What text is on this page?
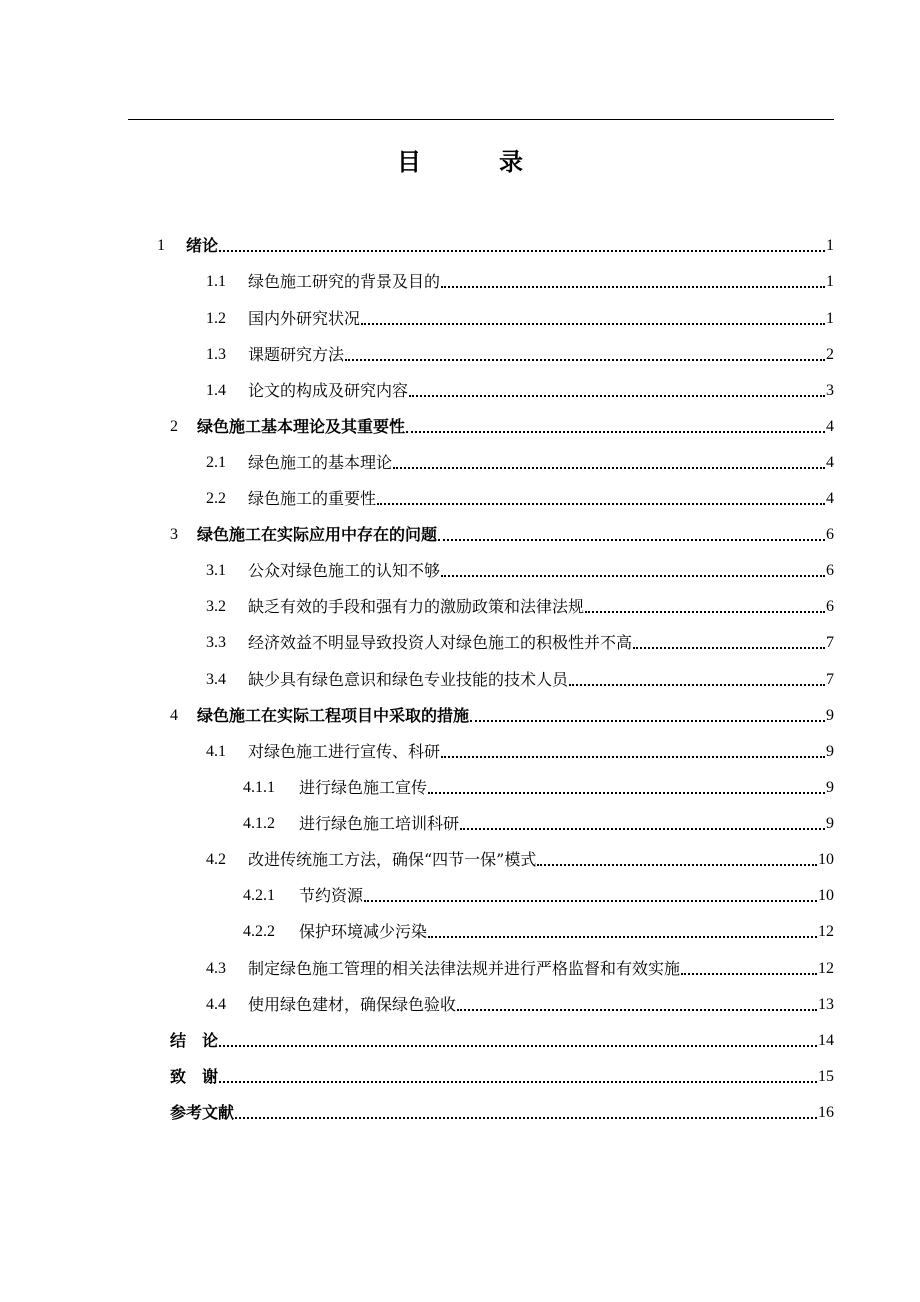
目	录
1	绪论	1
1.1	绿色施工研究的背景及目的	1
1.2	国内外研究状况	1
1.3	课题研究方法	2
1.4	论文的构成及研究内容	3
2	绿色施工基本理论及其重要性	4
2.1	绿色施工的基本理论	4
2.2	绿色施工的重要性	4
3	绿色施工在实际应用中存在的问题	6
3.1	公众对绿色施工的认知不够	6
3.2	缺乏有效的手段和强有力的激励政策和法律法规	6
3.3	经济效益不明显导致投资人对绿色施工的积极性并不高	7
3.4	缺少具有绿色意识和绿色专业技能的技术人员	7
4	绿色施工在实际工程项目中采取的措施	9
4.1	对绿色施工进行宣传、科研	9
4.1.1	进行绿色施工宣传	9
4.1.2	进行绿色施工培训科研	9
4.2	改进传统施工方法，确保“四节一保”模式	10
4.2.1	节约资源	10
4.2.2	保护环境减少污染	12
4.3	制定绿色施工管理的相关法律法规并进行严格监督和有效实施	12
4.4	使用绿色建材，确保绿色验收	13
结　论	14
致　谢	15
参考文献	16
